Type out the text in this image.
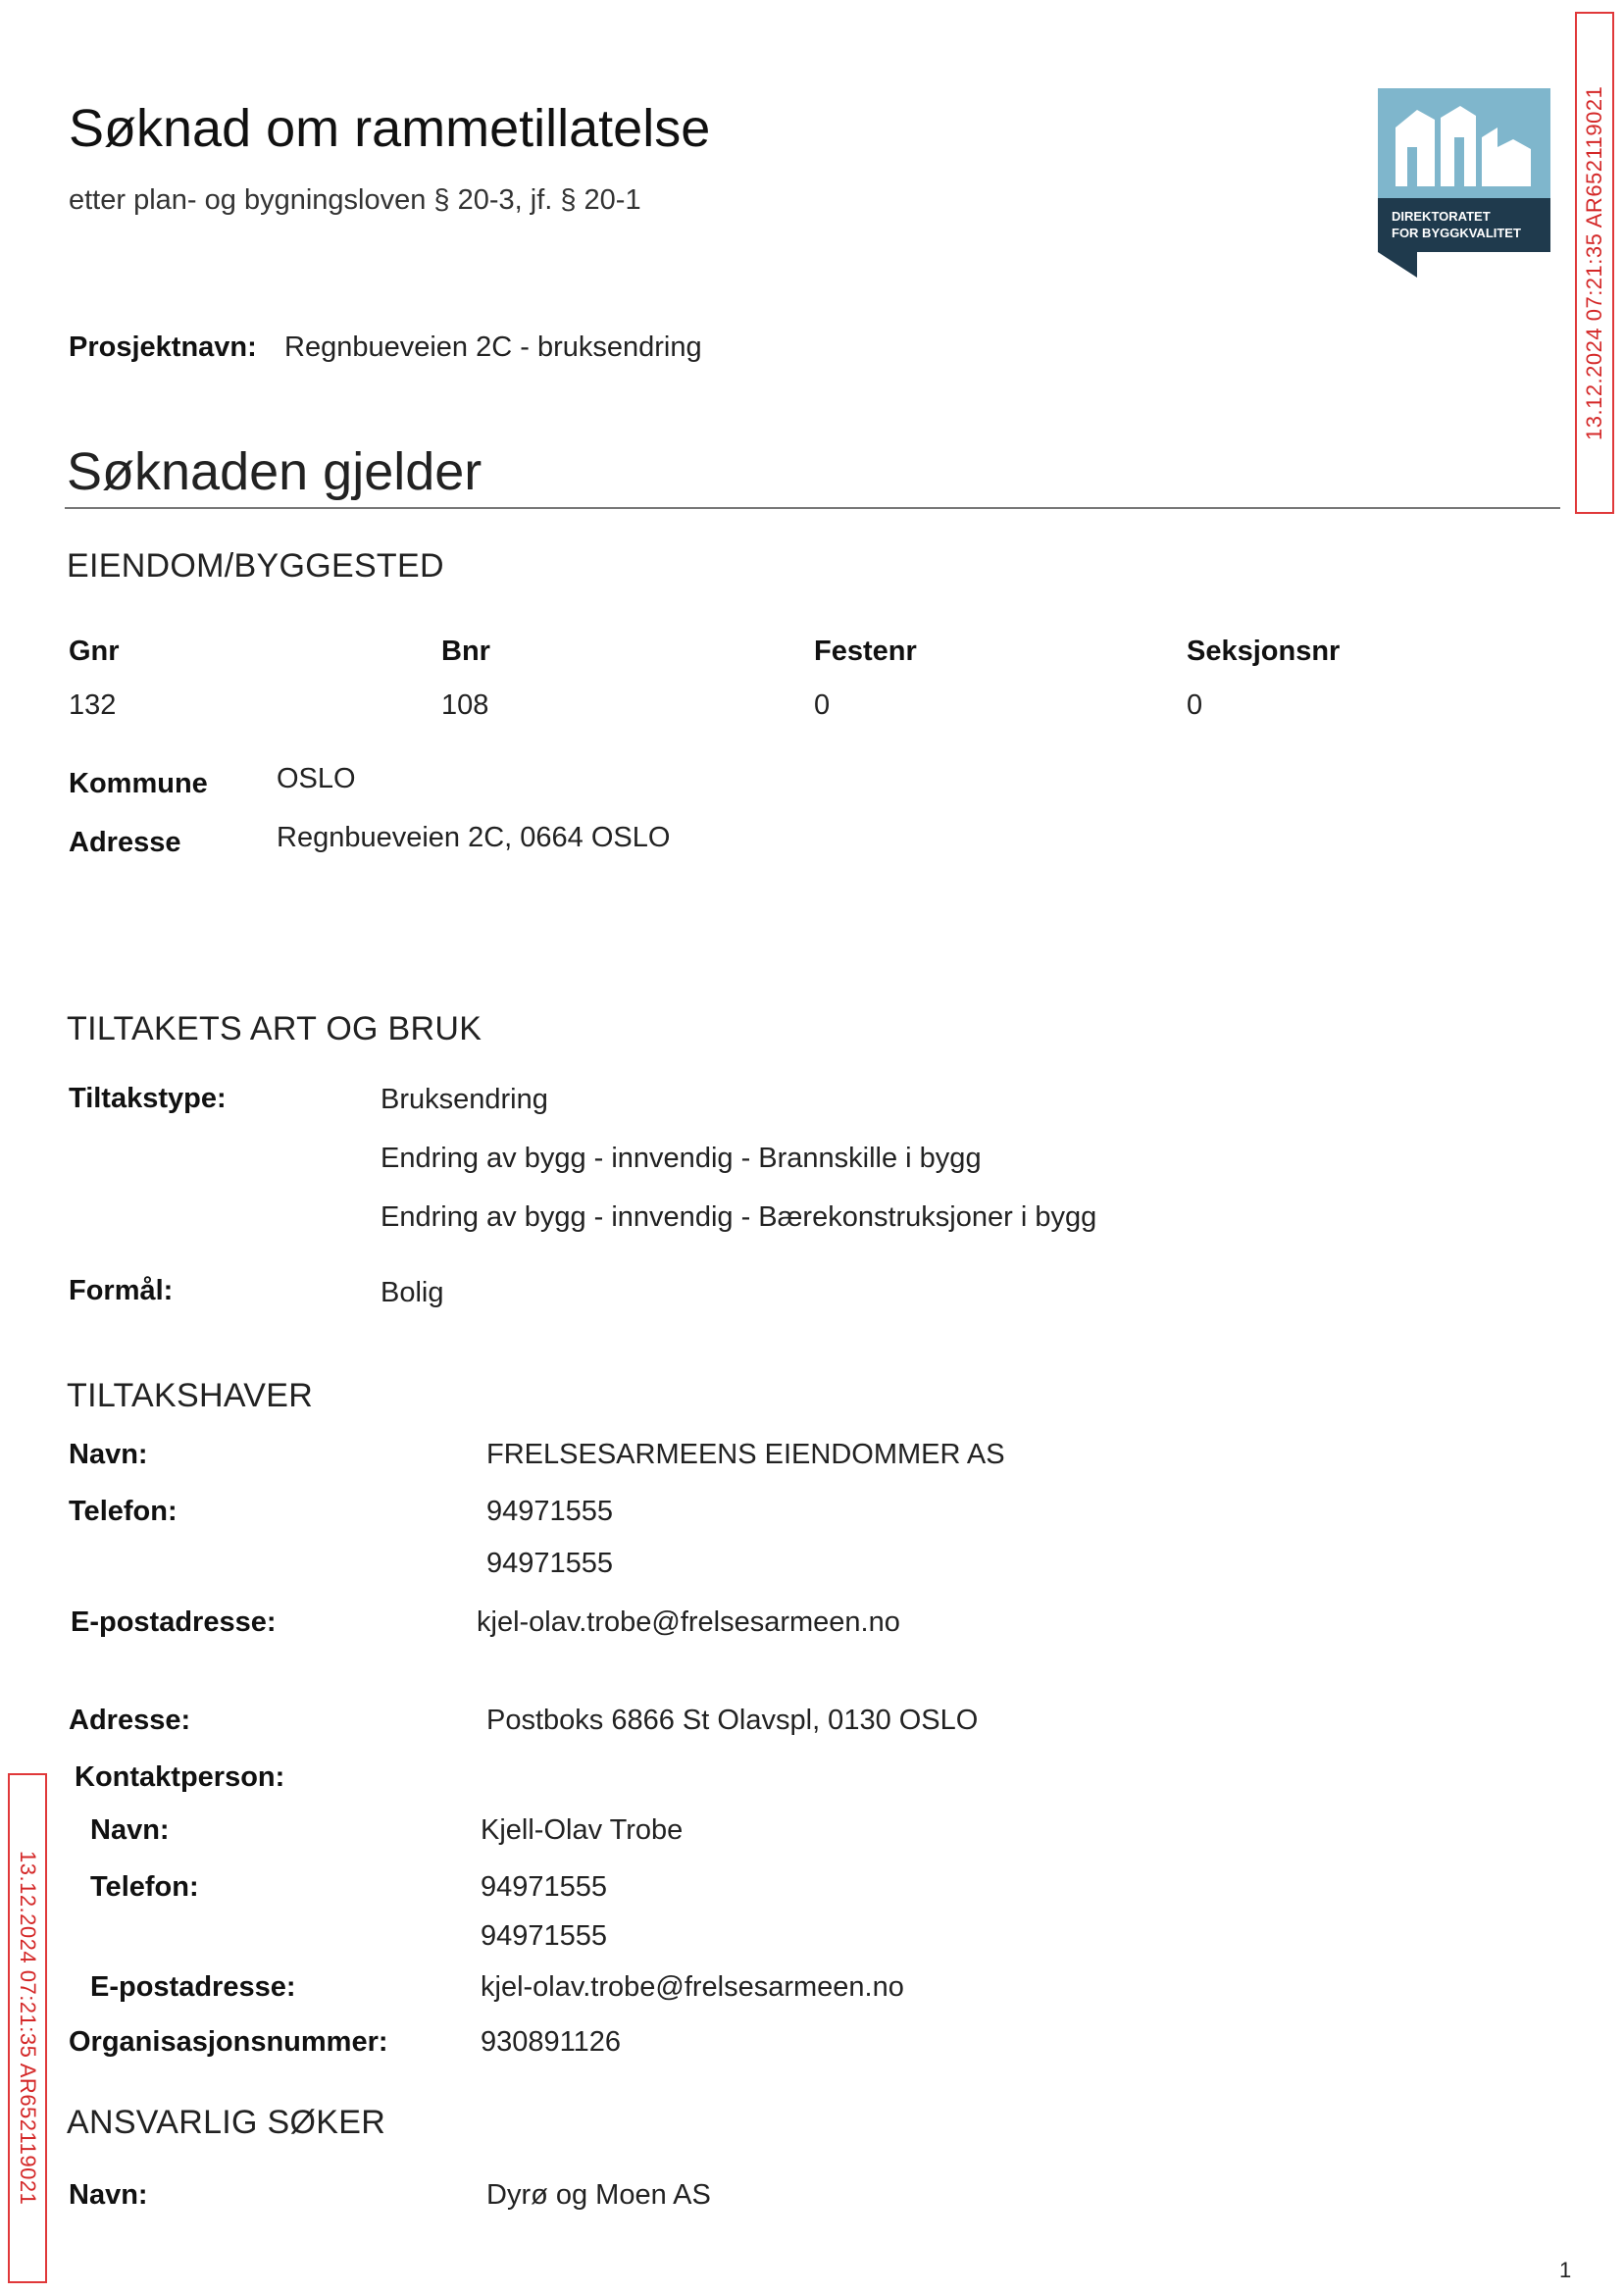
Søknad om rammetillatelse
etter plan- og bygningsloven § 20-3, jf. § 20-1
DIREKTORATET
FOR BYGGKVALITET	13.12.2024 07:21:35 AR652119021
Prosjektnavn: Regnbueveien 2C - bruksendring
Søknaden gjelder
EIENDOM/BYGGESTED
Gnr	Bnr	Festenr	Seksjonsnr
132	108	0	0
Kommune OSLO
Adresse	Regnbueveien 2C, 0664 OSLO
TILTAKETS ART OG BRUK
Tiltakstype:	Bruksendring
Endring av bygg - innvendig - Brannskille i bygg
Endring av bygg - innvendig - Bærekonstruksjoner i bygg
Formål:	Bolig
TILTAKSHAVER
Navn:	FRELSESARMEENS EIENDOMMER AS
Telefon:	94971555
94971555
E-postadresse:	kjel-olav.trobe@frelsesarmeen.no
Adresse:	Postboks 6866 St Olavspl, 0130 OSLO
Kontaktperson:
Navn:	Kjell-Olav Trobe
Telefon:	94971555
94971555
E-postadresse:	kjel-olav.trobe@frelsesarmeen.no
Organisasjonsnummer:	930891126
ANSVARLIG SØKER
Navn:	Dyrø og Moen AS
13.12.2024 07:21:35 AR652119021
1
